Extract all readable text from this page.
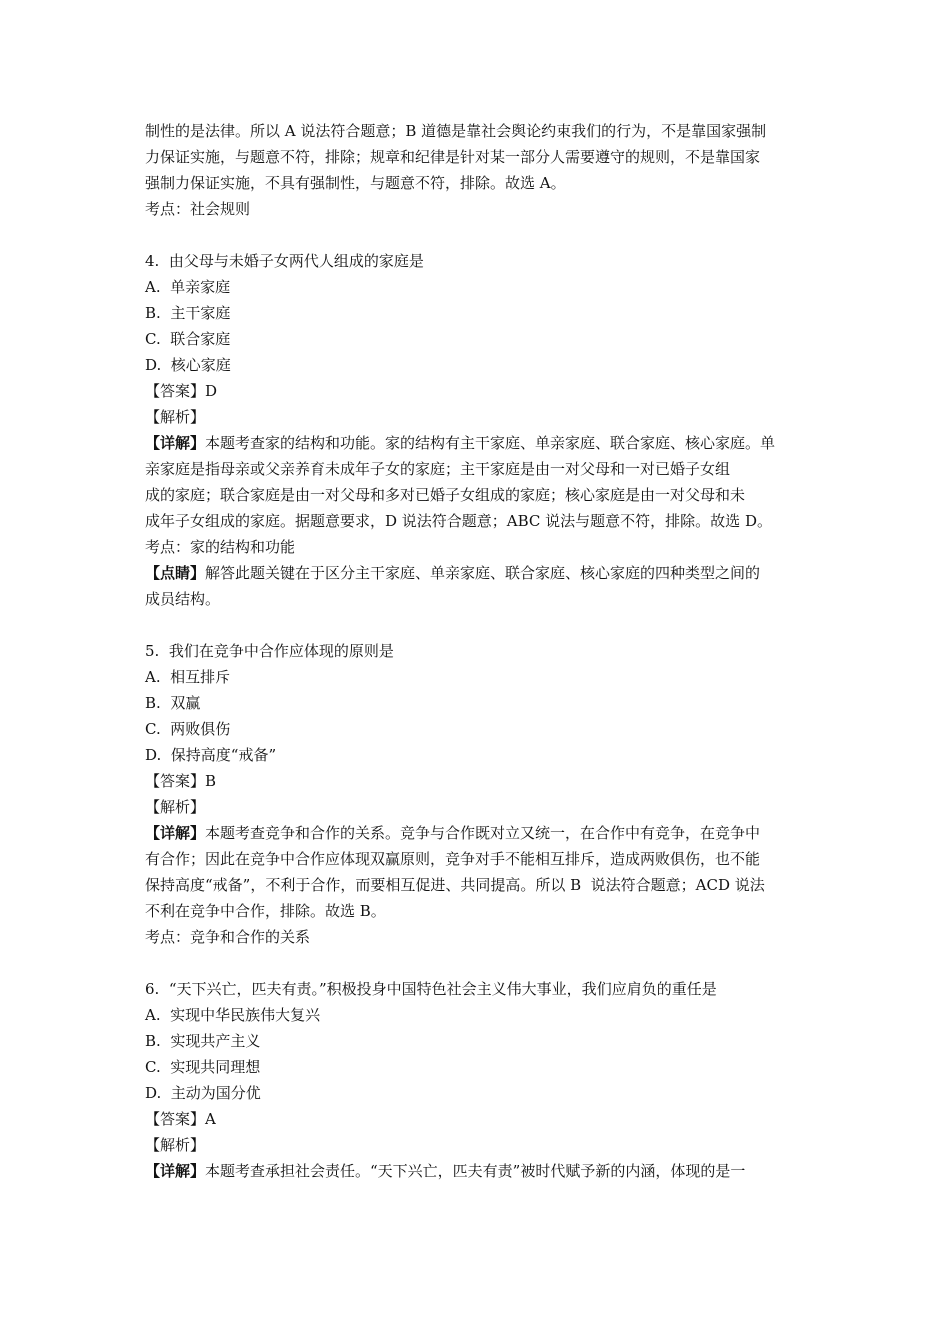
制性的是法律。所以 A 说法符合题意；B 道德是靠社会舆论约束我们的行为，不是靠国家强制
力保证实施，与题意不符，排除；规章和纪律是针对某一部分人需要遵守的规则，不是靠国家
强制力保证实施，不具有强制性，与题意不符，排除。故选 A。
考点：社会规则
4.  由父母与未婚子女两代人组成的家庭是
A.  单亲家庭
B.  主干家庭
C.  联合家庭
D.  核心家庭
【答案】D
【解析】
【详解】本题考查家的结构和功能。家的结构有主干家庭、单亲家庭、联合家庭、核心家庭。单
亲家庭是指母亲或父亲养育未成年子女的家庭；主干家庭是由一对父母和一对已婚子女组
成的家庭；联合家庭是由一对父母和多对已婚子女组成的家庭；核心家庭是由一对父母和未
成年子女组成的家庭。据题意要求，D 说法符合题意；ABC 说法与题意不符，排除。故选 D。
考点：家的结构和功能
【点睛】解答此题关键在于区分主干家庭、单亲家庭、联合家庭、核心家庭的四种类型之间的
成员结构。
5.  我们在竞争中合作应体现的原则是
A.  相互排斥
B.  双赢
C.  两败俱伤
D.  保持高度“戒备”
【答案】B
【解析】
【详解】本题考查竞争和合作的关系。竞争与合作既对立又统一，在合作中有竞争，在竞争中
有合作；因此在竞争中合作应体现双赢原则，竞争对手不能相互排斥，造成两败俱伤，也不能
保持高度“戒备”，不利于合作，而要相互促进、共同提高。所以 B  说法符合题意；ACD 说法
不利在竞争中合作，排除。故选 B。
考点：竞争和合作的关系
6.  “天下兴亡，匹夫有责。”积极投身中国特色社会主义伟大事业，我们应肩负的重任是
A.  实现中华民族伟大复兴
B.  实现共产主义
C.  实现共同理想
D.  主动为国分优
【答案】A
【解析】
【详解】本题考查承担社会责任。“天下兴亡，匹夫有责”被时代赋予新的内涵，体现的是一
